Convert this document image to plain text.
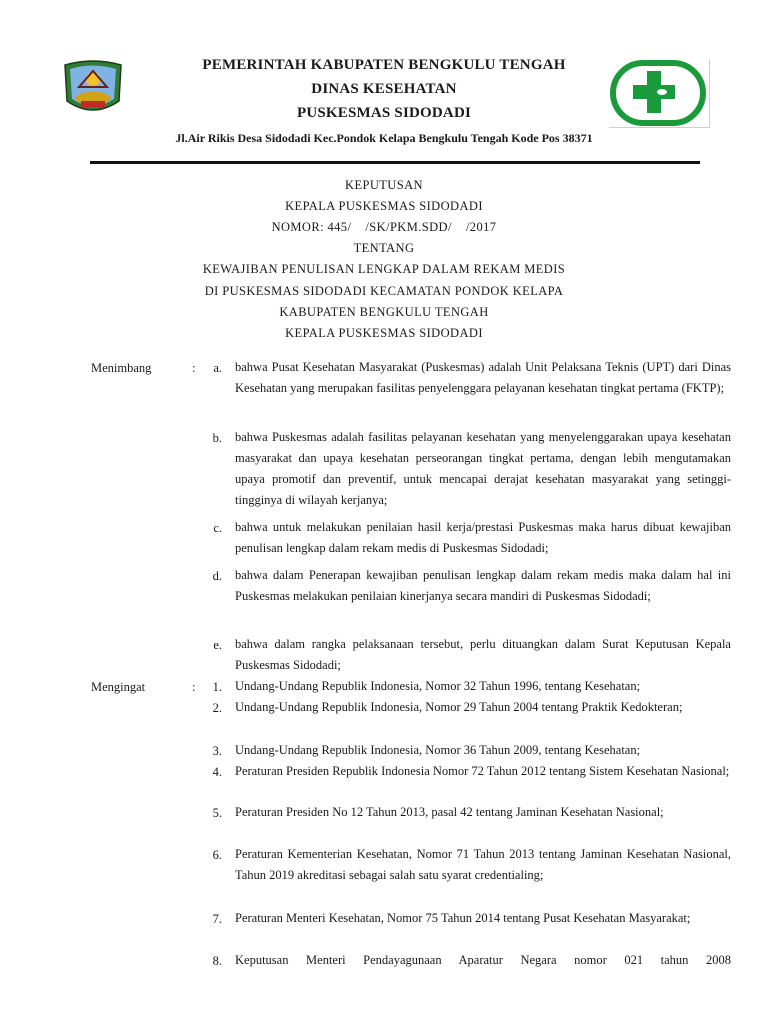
PEMERINTAH KABUPATEN BENGKULU TENGAH
DINAS KESEHATAN
PUSKESMAS SIDODADI
Jl.Air Rikis Desa Sidodadi Kec.Pondok Kelapa Bengkulu Tengah Kode Pos 38371
KEPUTUSAN
KEPALA PUSKESMAS SIDODADI
NOMOR: 445/    /SK/PKM.SDD/    /2017
TENTANG
KEWAJIBAN PENULISAN LENGKAP DALAM REKAM MEDIS
DI PUSKESMAS SIDODADI KECAMATAN PONDOK KELAPA
KABUPATEN BENGKULU TENGAH
KEPALA PUSKESMAS SIDODADI
Menimbang	:	a. bahwa Pusat Kesehatan Masyarakat (Puskesmas) adalah Unit Pelaksana Teknis (UPT) dari Dinas Kesehatan yang merupakan fasilitas penyelenggara pelayanan kesehatan tingkat pertama (FKTP);
b. bahwa Puskesmas adalah fasilitas pelayanan kesehatan yang menyelenggarakan upaya kesehatan masyarakat dan upaya kesehatan perseorangan tingkat pertama, dengan lebih mengutamakan upaya promotif dan preventif, untuk mencapai derajat kesehatan masyarakat yang setinggi-tingginya di wilayah kerjanya;
c. bahwa untuk melakukan penilaian hasil kerja/prestasi Puskesmas maka harus dibuat kewajiban penulisan lengkap dalam rekam medis di Puskesmas Sidodadi;
d. bahwa dalam Penerapan kewajiban penulisan lengkap dalam rekam medis maka dalam hal ini Puskesmas melakukan penilaian kinerjanya secara mandiri di Puskesmas Sidodadi;
e. bahwa dalam rangka pelaksanaan tersebut, perlu dituangkan dalam Surat Keputusan Kepala Puskesmas Sidodadi;
Mengingat	:	1. Undang-Undang Republik Indonesia, Nomor 32 Tahun 1996, tentang Kesehatan;
2. Undang-Undang Republik Indonesia, Nomor 29 Tahun 2004 tentang Praktik Kedokteran;
3. Undang-Undang Republik Indonesia, Nomor 36 Tahun 2009, tentang Kesehatan;
4. Peraturan Presiden Republik Indonesia Nomor 72 Tahun 2012 tentang Sistem Kesehatan Nasional;
5. Peraturan Presiden No 12 Tahun 2013, pasal 42 tentang Jaminan Kesehatan Nasional;
6. Peraturan Kementerian Kesehatan, Nomor 71 Tahun 2013 tentang Jaminan Kesehatan Nasional, Tahun 2019 akreditasi sebagai salah satu syarat credentialing;
7. Peraturan Menteri Kesehatan, Nomor 75 Tahun 2014 tentang Pusat Kesehatan Masyarakat;
8. Keputusan Menteri Pendayagunaan Aparatur Negara nomor 021 tahun 2008
